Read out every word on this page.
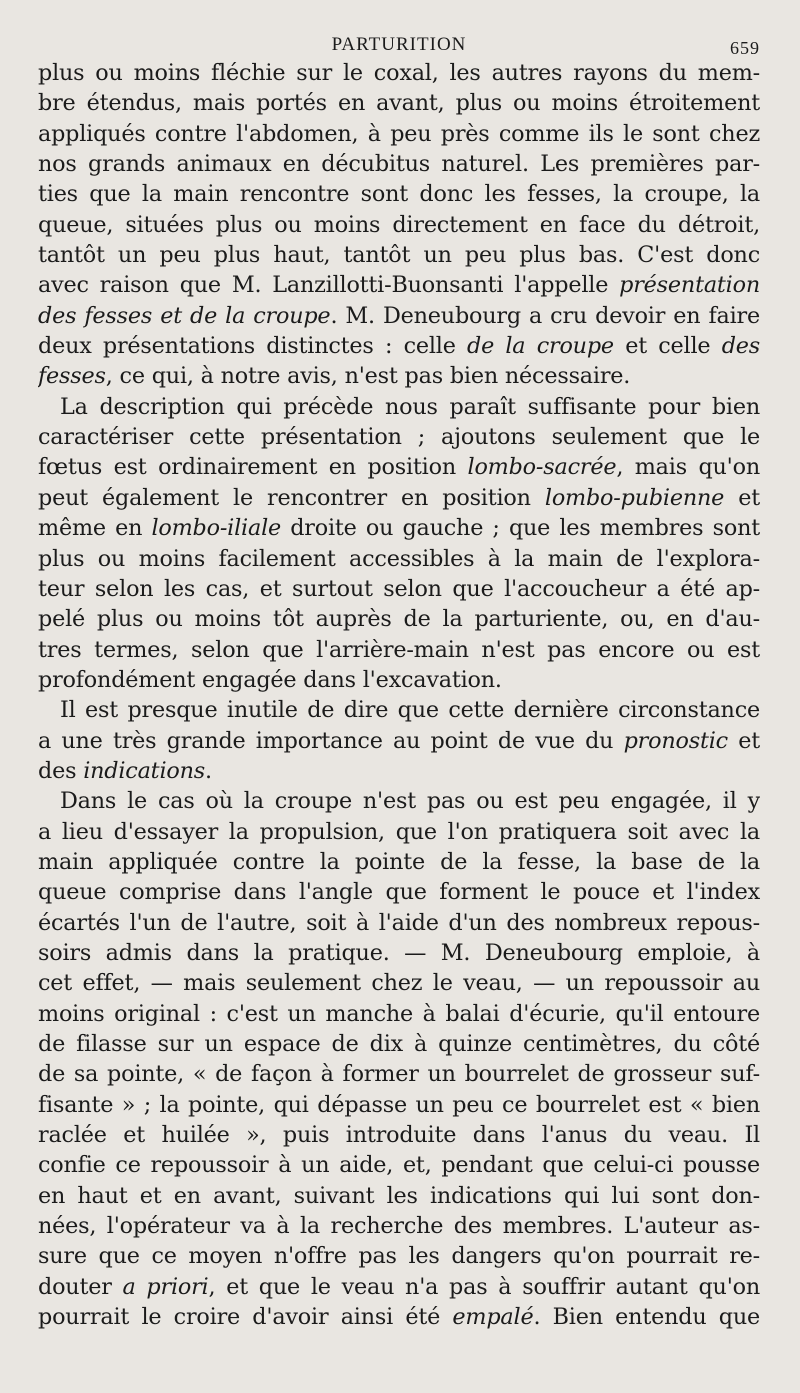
PARTURITION	659
plus ou moins fléchie sur le coxal, les autres rayons du mem-
bre étendus, mais portés en avant, plus ou moins étroitement
appliqués contre l'abdomen, à peu près comme ils le sont chez
nos grands animaux en décubitus naturel. Les premières par-
ties que la main rencontre sont donc les fesses, la croupe, la
queue, situées plus ou moins directement en face du détroit,
tantôt un peu plus haut, tantôt un peu plus bas. C'est donc
avec raison que M. Lanzillotti-Buonsanti l'appelle présentation
des fesses et de la croupe. M. Deneubourg a cru devoir en faire
deux présentations distinctes : celle de la croupe et celle des
fesses, ce qui, à notre avis, n'est pas bien nécessaire.
La description qui précède nous paraît suffisante pour bien
caractériser cette présentation ; ajoutons seulement que le
fœtus est ordinairement en position lombo-sacrée, mais qu'on
peut également le rencontrer en position lombo-pubienne et
même en lombo-iliale droite ou gauche ; que les membres sont
plus ou moins facilement accessibles à la main de l'explora-
teur selon les cas, et surtout selon que l'accoucheur a été ap-
pelé plus ou moins tôt auprès de la parturiente, ou, en d'au-
tres termes, selon que l'arrière-main n'est pas encore ou est
profondément engagée dans l'excavation.
Il est presque inutile de dire que cette dernière circonstance
a une très grande importance au point de vue du pronostic et
des indications.
Dans le cas où la croupe n'est pas ou est peu engagée, il y
a lieu d'essayer la propulsion, que l'on pratiquera soit avec la
main appliquée contre la pointe de la fesse, la base de la
queue comprise dans l'angle que forment le pouce et l'index
écartés l'un de l'autre, soit à l'aide d'un des nombreux repous-
soirs admis dans la pratique. — M. Deneubourg emploie, à
cet effet, — mais seulement chez le veau, — un repoussoir au
moins original : c'est un manche à balai d'écurie, qu'il entoure
de filasse sur un espace de dix à quinze centimètres, du côté
de sa pointe, « de façon à former un bourrelet de grosseur suf-
fisante » ; la pointe, qui dépasse un peu ce bourrelet est « bien
raclée et huilée », puis introduite dans l'anus du veau. Il
confie ce repoussoir à un aide, et, pendant que celui-ci pousse
en haut et en avant, suivant les indications qui lui sont don-
nées, l'opérateur va à la recherche des membres. L'auteur as-
sure que ce moyen n'offre pas les dangers qu'on pourrait re-
douter a priori, et que le veau n'a pas à souffrir autant qu'on
pourrait le croire d'avoir ainsi été empalé. Bien entendu que
